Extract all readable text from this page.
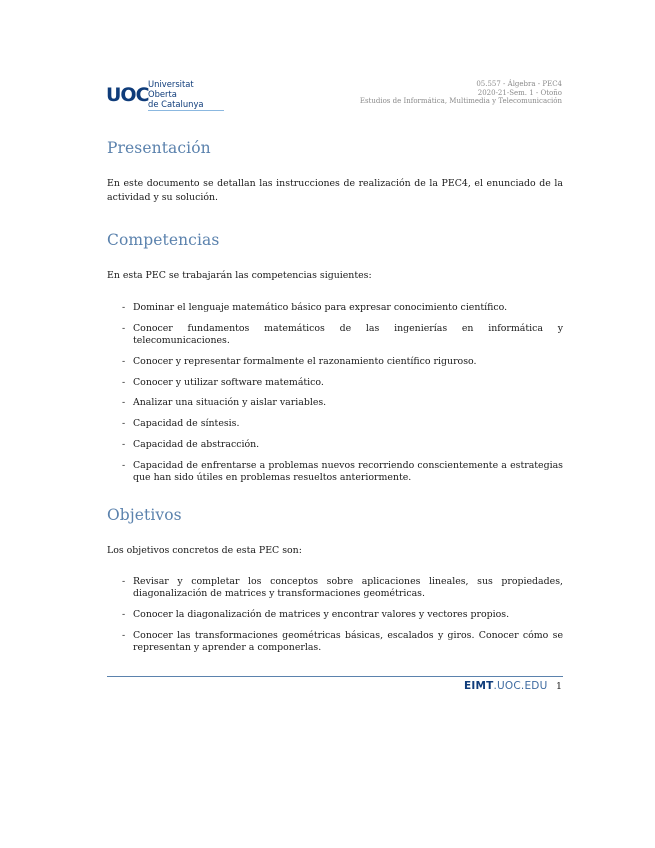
UOC Universitat Oberta
de Catalunya
05.557 - Álgebra - PEC4
2020-21-Sem. 1 - Otoño
Estudios de Informática, Multimedia y Telecomunicación
Presentación

En este documento se detallan las instrucciones de realización de la PEC4, el enunciado de la actividad y su solución.

Competencias

En esta PEC se trabajarán las competencias siguientes:

- Dominar el lenguaje matemático básico para expresar conocimiento científico.
- Conocer fundamentos matemáticos de las ingenierías en informática y telecomunicaciones.
- Conocer y representar formalmente el razonamiento científico riguroso.
- Conocer y utilizar software matemático.
- Analizar una situación y aislar variables.
- Capacidad de síntesis.
- Capacidad de abstracción.
- Capacidad de enfrentarse a problemas nuevos recorriendo conscientemente a estrategias que han sido útiles en problemas resueltos anteriormente.
Objetivos

Los objetivos concretos de esta PEC son:

- Revisar y completar los conceptos sobre aplicaciones lineales, sus propiedades, diagonalización de matrices y transformaciones geométricas.
- Conocer la diagonalización de matrices y encontrar valores y vectores propios.
- Conocer las transformaciones geométricas básicas, escalados y giros. Conocer cómo se representan y aprender a componerlas.
EIMT.UOC.EDU 1
